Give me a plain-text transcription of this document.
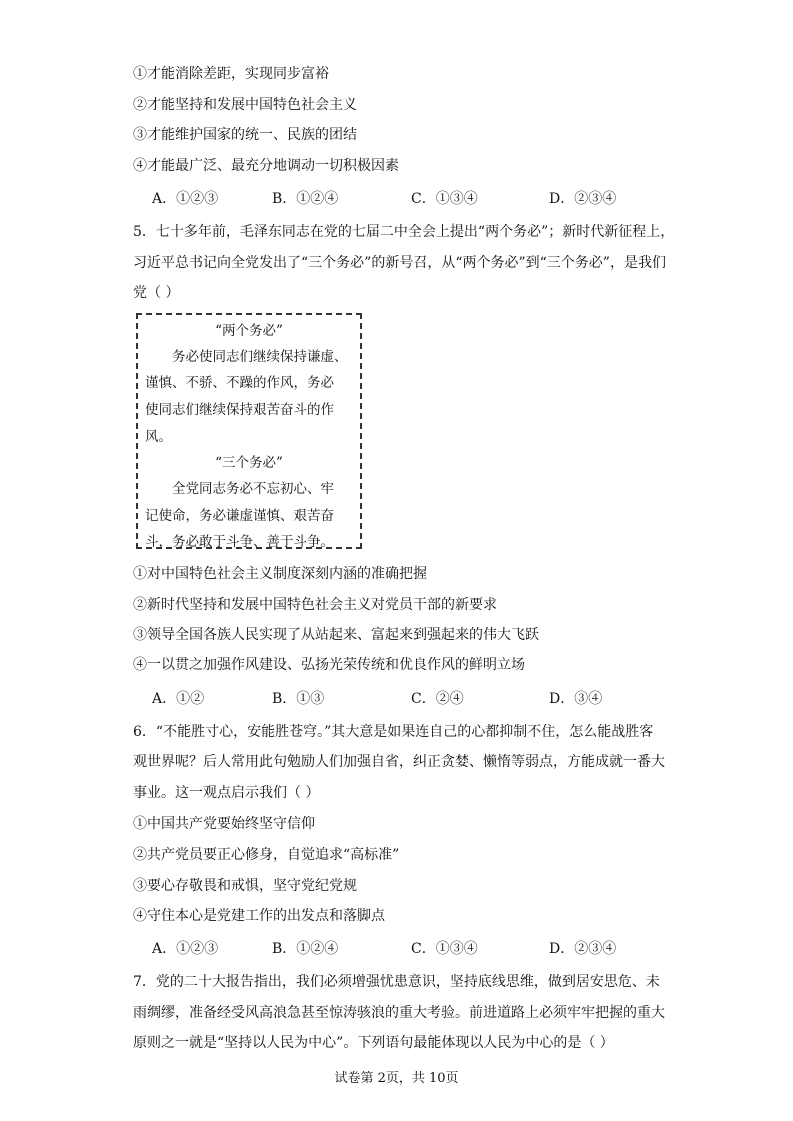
①才能消除差距，实现同步富裕
②才能坚持和发展中国特色社会主义
③才能维护国家的统一、民族的团结
④才能最广泛、最充分地调动一切积极因素
A．①②③	B．①②④	C．①③④	D．②③④
5．七十多年前，毛泽东同志在党的七届二中全会上提出“两个务必”；新时代新征程上，
习近平总书记向全党发出了“三个务必”的新号召，从“两个务必”到“三个务必”，是我们
党（ ）
“两个务必”
务必使同志们继续保持谦虚、
谨慎、不骄、不躁的作风，务必
使同志们继续保持艰苦奋斗的作
风。
“三个务必”
全党同志务必不忘初心、牢
记使命，务必谦虚谨慎、艰苦奋
斗，务必敢于斗争、善于斗争。
①对中国特色社会主义制度深刻内涵的准确把握
②新时代坚持和发展中国特色社会主义对党员干部的新要求
③领导全国各族人民实现了从站起来、富起来到强起来的伟大飞跃
④一以贯之加强作风建设、弘扬光荣传统和优良作风的鲜明立场
A．①②	B．①③	C．②④	D．③④
6．“不能胜寸心，安能胜苍穹。”其大意是如果连自己的心都抑制不住，怎么能战胜客
观世界呢？后人常用此句勉励人们加强自省，纠正贪婪、懒惰等弱点，方能成就一番大
事业。这一观点启示我们（ ）
①中国共产党要始终坚守信仰
②共产党员要正心修身，自觉追求“高标准”
③要心存敬畏和戒惧，坚守党纪党规
④守住本心是党建工作的出发点和落脚点
A．①②③	B．①②④	C．①③④	D．②③④
7．党的二十大报告指出，我们必须增强忧患意识，坚持底线思维，做到居安思危、未
雨绸缪，准备经受风高浪急甚至惊涛骇浪的重大考验。前进道路上必须牢牢把握的重大
原则之一就是“坚持以人民为中心”。下列语句最能体现以人民为中心的是（ ）
试卷第 2页，共 10页
